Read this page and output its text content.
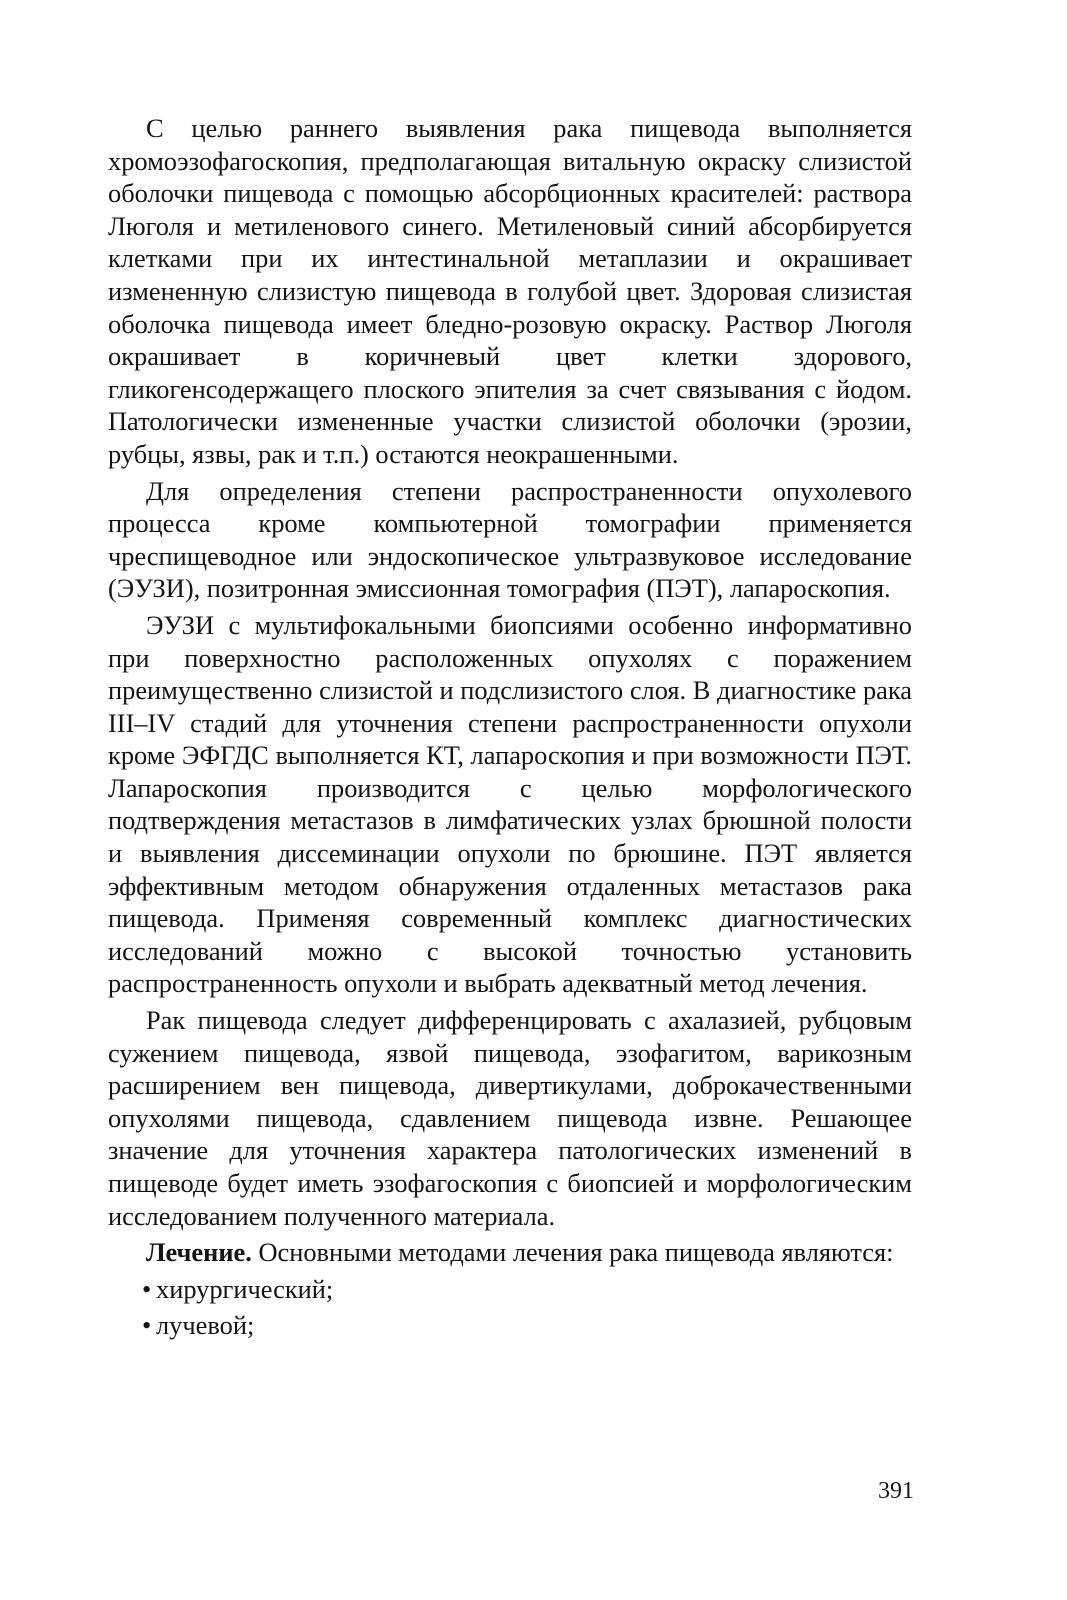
С целью раннего выявления рака пищевода выполняется хромоэзофагоскопия, предполагающая витальную окраску слизистой оболочки пищевода с помощью абсорбционных красителей: раствора Люголя и метиленового синего. Метиленовый синий абсорбируется клетками при их интестинальной метаплазии и окрашивает измененную слизистую пищевода в голубой цвет. Здоровая слизистая оболочка пищевода имеет бледно-розовую окраску. Раствор Люголя окрашивает в коричневый цвет клетки здорового, гликогенсодержащего плоского эпителия за счет связывания с йодом. Патологически измененные участки слизистой оболочки (эрозии, рубцы, язвы, рак и т.п.) остаются неокрашенными.

Для определения степени распространенности опухолевого процесса кроме компьютерной томографии применяется чреспищеводное или эндоскопическое ультразвуковое исследование (ЭУЗИ), позитронная эмиссионная томография (ПЭТ), лапароскопия.

ЭУЗИ с мультифокальными биопсиями особенно информативно при поверхностно расположенных опухолях с поражением преимущественно слизистой и подслизистого слоя. В диагностике рака III–IV стадий для уточнения степени распространенности опухоли кроме ЭФГДС выполняется КТ, лапароскопия и при возможности ПЭТ. Лапароскопия производится с целью морфологического подтверждения метастазов в лимфатических узлах брюшной полости и выявления диссеминации опухоли по брюшине. ПЭТ является эффективным методом обнаружения отдаленных метастазов рака пищевода. Применяя современный комплекс диагностических исследований можно с высокой точностью установить распространенность опухоли и выбрать адекватный метод лечения.

Рак пищевода следует дифференцировать с ахалазией, рубцовым сужением пищевода, язвой пищевода, эзофагитом, варикозным расширением вен пищевода, дивертикулами, доброкачественными опухолями пищевода, сдавлением пищевода извне. Решающее значение для уточнения характера патологических изменений в пищеводе будет иметь эзофагоскопия с биопсией и морфологическим исследованием полученного материала.

Лечение. Основными методами лечения рака пищевода являются:

• хирургический;
• лучевой;
391
